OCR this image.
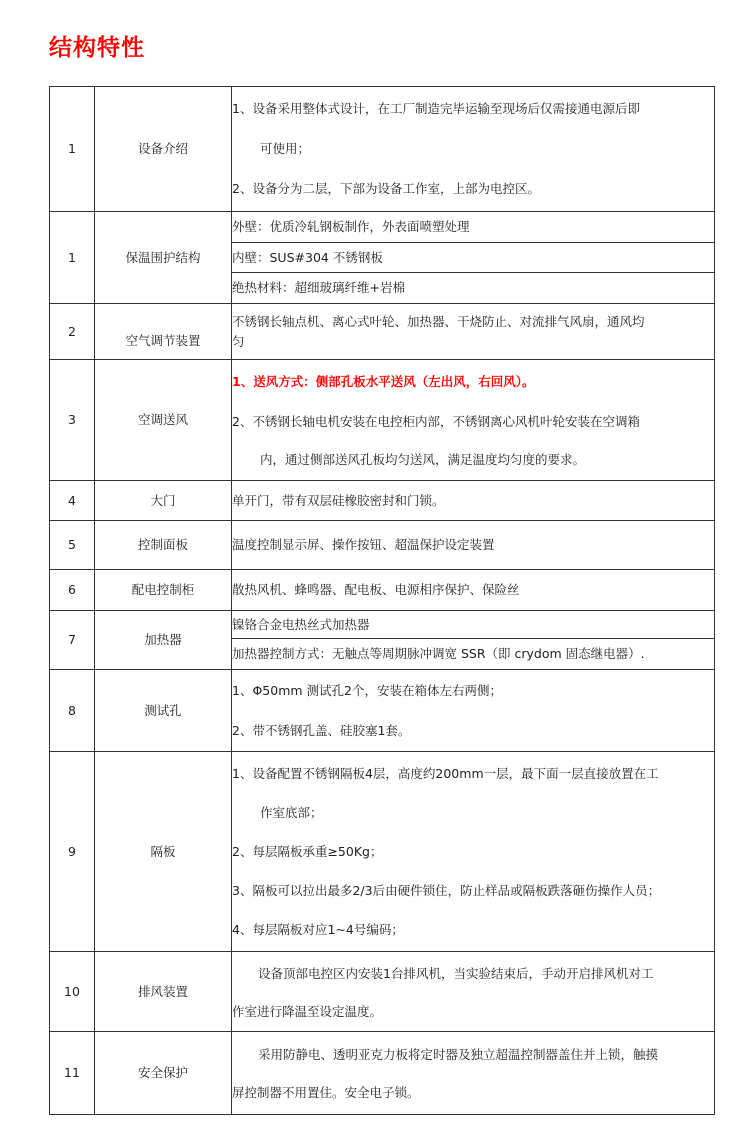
结构特性
1	设备介绍	1、设备采用整体式设计，在工厂制造完毕运输至现场后仅需接通电源后即
可使用；
2、设备分为二层，下部为设备工作室，上部为电控区。

1	保温围护结构	外壁：优质冷轧钢板制作，外表面喷塑处理
		内壁：SUS#304 不锈钢板
		绝热材料：超细玻璃纤维+岩棉
2	空气调节装置	不锈钢长轴点机、离心式叶轮、加热器、干烧防止、对流排气风扇，通风均
匀

3	空调送风	1、送风方式：侧部孔板水平送风（左出风，右回风）。
2、不锈钢长轴电机安装在电控柜内部，不锈钢离心风机叶轮安装在空调箱
内，通过侧部送风孔板均匀送风，满足温度均匀度的要求。

4	大门	单开门，带有双层硅橡胶密封和门锁。
5	控制面板	温度控制显示屏、操作按钮、超温保护设定装置
6	配电控制柜	散热风机、蜂鸣器、配电板、电源相序保护、保险丝
7	加热器	镍铬合金电热丝式加热器
		加热器控制方式：无触点等周期脉冲调宽 SSR（即 crydom 固态继电器）.
8	测试孔	1、Φ50mm 测试孔2个，安装在箱体左右两侧；
2、带不锈钢孔盖、硅胶塞1套。

9	隔板	1、设备配置不锈钢隔板4层，高度约200mm一层，最下面一层直接放置在工
作室底部；
2、每层隔板承重≥50Kg；
3、隔板可以拉出最多2/3后由硬件锁住，防止样品或隔板跌落砸伤操作人员；
4、每层隔板对应1~4号编码；

10	排风装置	设备顶部电控区内安装1台排风机，当实验结束后，手动开启排风机对工
作室进行降温至设定温度。

11	安全保护	采用防静电、透明亚克力板将定时器及独立超温控制器盖住并上锁，触摸
屏控制器不用置住。安全电子锁。
